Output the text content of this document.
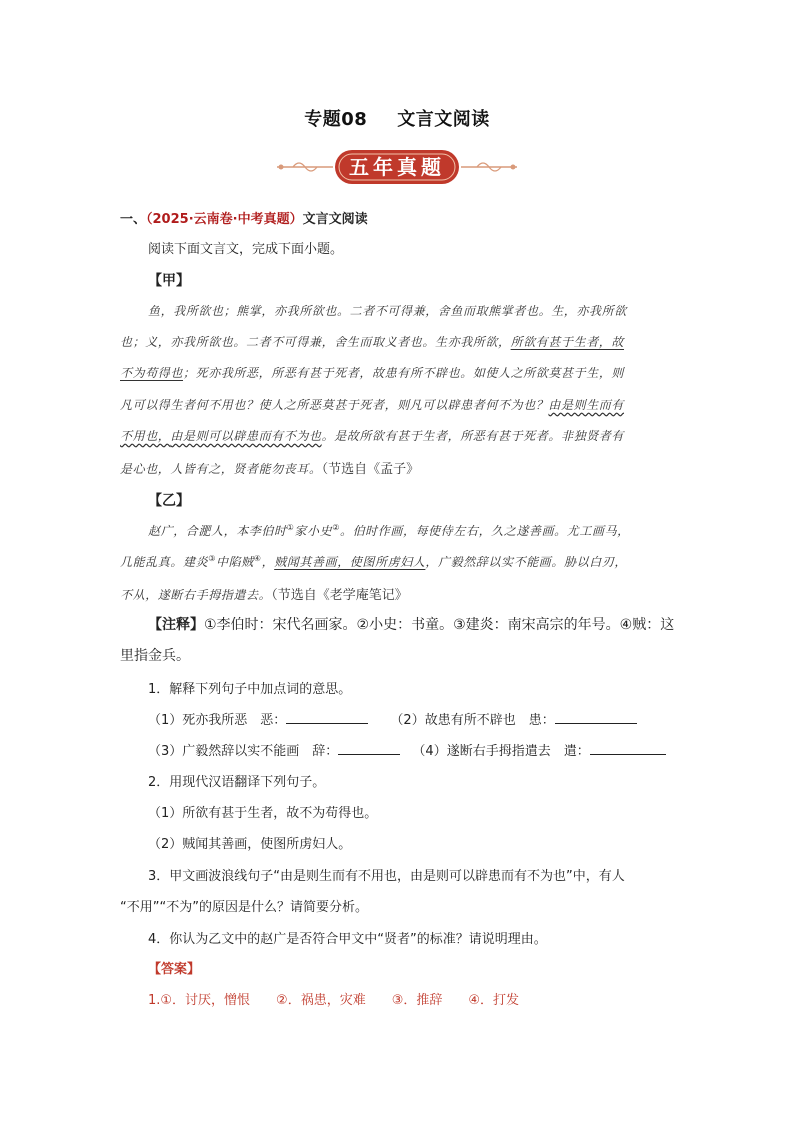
专题08 文言文阅读
五年真题
一、（2025·云南卷·中考真题）文言文阅读
阅读下面文言文，完成下面小题。
【甲】
鱼，我所欲也；熊掌，亦我所欲也。二者不可得兼，舍鱼而取熊掌者也。生，亦我所欲
也；义，亦我所欲也。二者不可得兼，舍生而取义者也。生亦我所欲，所欲有甚于生者，故
不为苟得也；死亦我所恶，所恶有甚于死者，故患有所不辟也。如使人之所欲莫甚于生，则
凡可以得生者何不用也？使人之所恶莫甚于死者，则凡可以辟患者何不为也？由是则生而有
不用也，由是则可以辟患而有不为也。是故所欲有甚于生者，所恶有甚于死者。非独贤者有
是心也，人皆有之，贤者能勿丧耳。（节选自《孟子》
【乙】
赵广，合淝人，本李伯时①家小史②。伯时作画，每使侍左右，久之遂善画。尤工画马，
几能乱真。建炎③中陷贼④，贼闻其善画，使图所虏妇人，广毅然辞以实不能画。胁以白刃，
不从，遂断右手拇指遣去。（节选自《老学庵笔记》
【注释】①李伯时：宋代名画家。②小史：书童。③建炎：南宋高宗的年号。④贼：这
里指金兵。
1．解释下列句子中加点词的意思。
（1）死亦我所恶　恶：	（2）故患有所不辟也　患：
（3）广毅然辞以实不能画　辞：	（4）遂断右手拇指遣去　遣：
2．用现代汉语翻译下列句子。
（1）所欲有甚于生者，故不为苟得也。
（2）贼闻其善画，使图所虏妇人。
3．甲文画波浪线句子“由是则生而有不用也，由是则可以辟患而有不为也”中，有人
“不用”“不为”的原因是什么？请简要分析。
4．你认为乙文中的赵广是否符合甲文中“贤者”的标准？请说明理由。
【答案】
1.①．讨厌，憎恨　　②．祸患，灾难　　③．推辞　　④．打发
